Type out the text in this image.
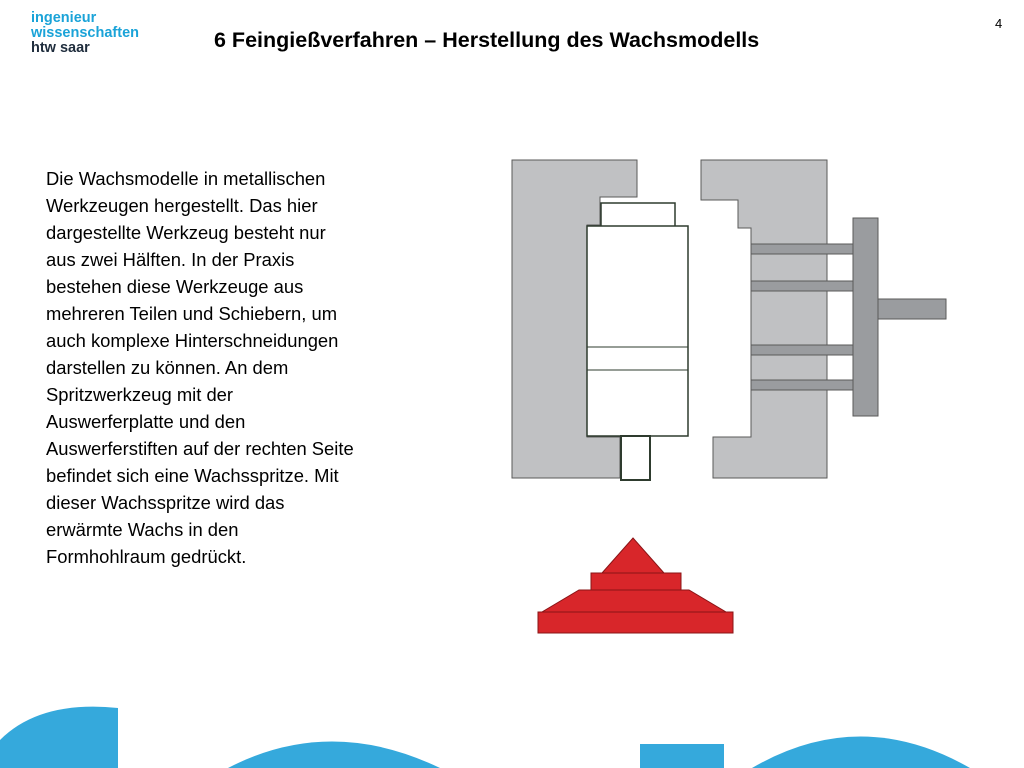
ingenieur
wissenschaften
htw saar	6 Feingießverfahren – Herstellung des Wachsmodells
4
Die Wachsmodelle in metallischen
Werkzeugen hergestellt. Das hier
dargestellte Werkzeug besteht nur
aus zwei Hälften. In der Praxis
bestehen diese Werkzeuge aus
mehreren Teilen und Schiebern, um
auch komplexe Hinterschneidungen
darstellen zu können. An dem
Spritzwerkzeug mit der
Auswerferplatte und den
Auswerferstiften auf der rechten Seite
befindet sich eine Wachsspritze. Mit
dieser Wachsspritze wird das
erwärmte Wachs in den
Formhohlraum gedrückt.
